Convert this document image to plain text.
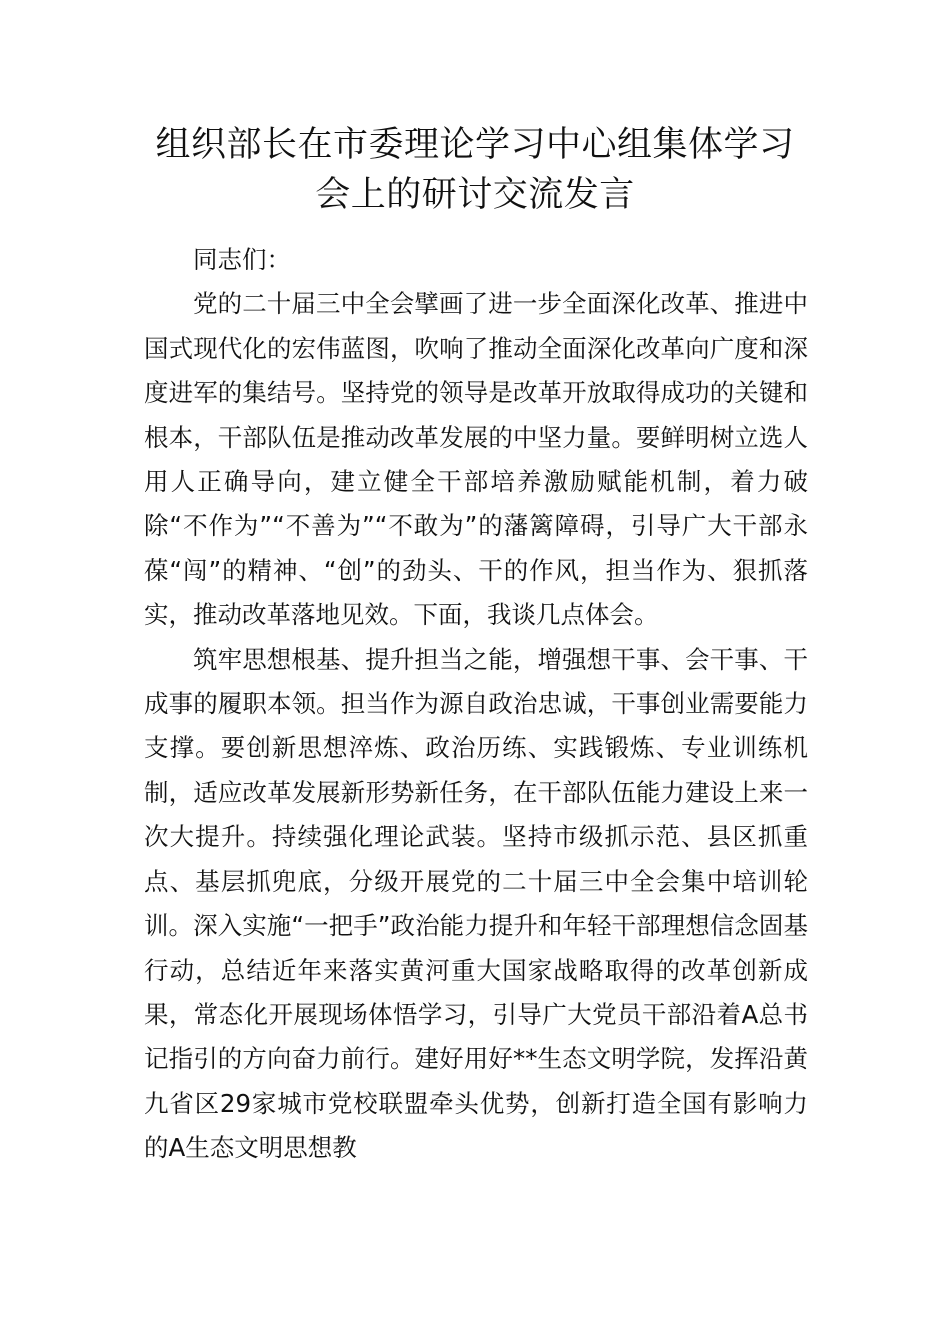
组织部长在市委理论学习中心组集体学习
会上的研讨交流发言

同志们：

党的二十届三中全会擘画了进一步全面深化改革、推进中国式现代化的宏伟蓝图，吹响了推动全面深化改革向广度和深度进军的集结号。坚持党的领导是改革开放取得成功的关键和根本，干部队伍是推动改革发展的中坚力量。要鲜明树立选人用人正确导向，建立健全干部培养激励赋能机制，着力破除“不作为”“不善为”“不敢为”的藩篱障碍，引导广大干部永葆“闯”的精神、“创”的劲头、干的作风，担当作为、狠抓落实，推动改革落地见效。下面，我谈几点体会。

筑牢思想根基、提升担当之能，增强想干事、会干事、干成事的履职本领。担当作为源自政治忠诚，干事创业需要能力支撑。要创新思想淬炼、政治历练、实践锻炼、专业训练机制，适应改革发展新形势新任务，在干部队伍能力建设上来一次大提升。持续强化理论武装。坚持市级抓示范、县区抓重点、基层抓兜底，分级开展党的二十届三中全会集中培训轮训。深入实施“一把手”政治能力提升和年轻干部理想信念固基行动，总结近年来落实黄河重大国家战略取得的改革创新成果，常态化开展现场体悟学习，引导广大党员干部沿着A总书记指引的方向奋力前行。建好用好**生态文明学院，发挥沿黄九省区29家城市党校联盟牵头优势，创新打造全国有影响力的A生态文明思想教
